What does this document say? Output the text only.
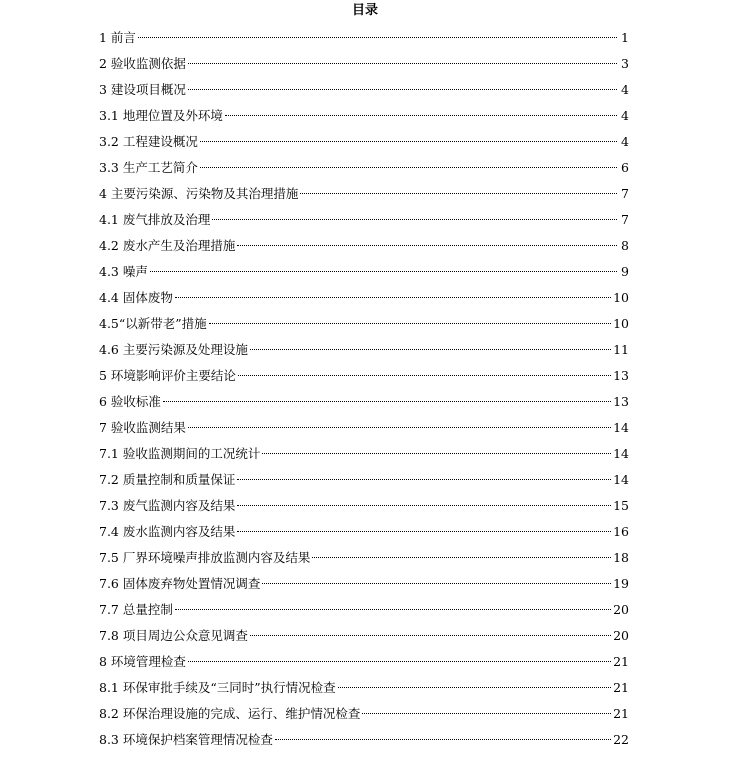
目录
1 前言	1
2 验收监测依据	3
3 建设项目概况	4
3.1 地理位置及外环境	4
3.2 工程建设概况	4
3.3 生产工艺简介	6
4 主要污染源、污染物及其治理措施	7
4.1 废气排放及治理	7
4.2 废水产生及治理措施	8
4.3 噪声	9
4.4 固体废物	10
4.5“以新带老”措施	10
4.6 主要污染源及处理设施	11
5 环境影响评价主要结论	13
6 验收标准	13
7 验收监测结果	14
7.1 验收监测期间的工况统计	14
7.2 质量控制和质量保证	14
7.3 废气监测内容及结果	15
7.4 废水监测内容及结果	16
7.5 厂界环境噪声排放监测内容及结果	18
7.6 固体废弃物处置情况调查	19
7.7 总量控制	20
7.8 项目周边公众意见调查	20
8 环境管理检查	21
8.1 环保审批手续及“三同时”执行情况检查	21
8.2 环保治理设施的完成、运行、维护情况检查	21
8.3 环境保护档案管理情况检查	22
